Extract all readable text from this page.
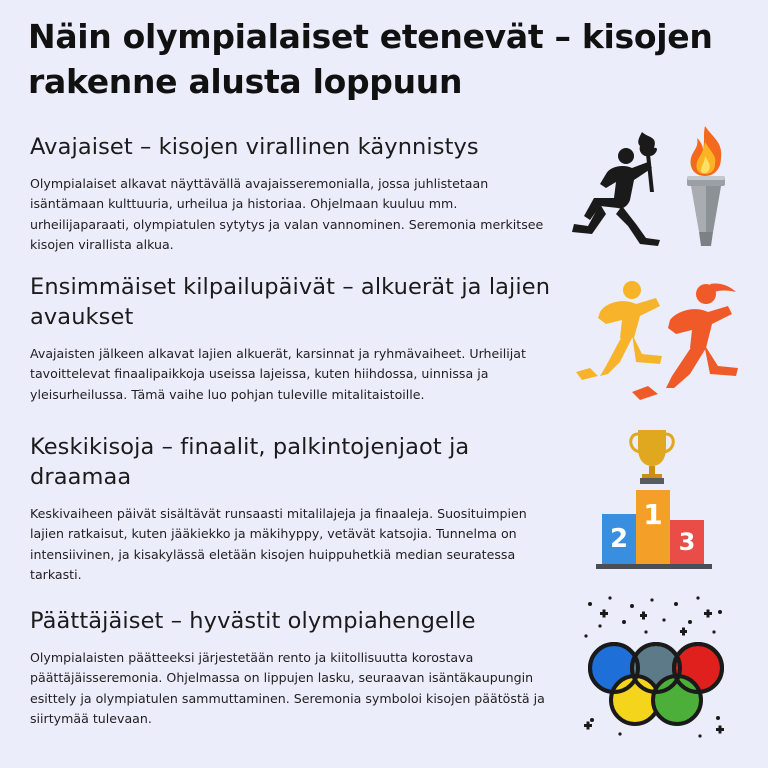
Näin olympialaiset etenevät – kisojen rakenne alusta loppuun
Avajaiset – kisojen virallinen käynnistys

Olympialaiset alkavat näyttävällä avajaisseremonialla, jossa juhlistetaan isäntämaan kulttuuria, urheilua ja historiaa. Ohjelmaan kuuluu mm. urheilijaparaati, olympiatulen sytytys ja valan vannominen. Seremonia merkitsee kisojen virallista alkua.

Ensimmäiset kilpailupäivät – alkuerät ja lajien avaukset

Avajaisten jälkeen alkavat lajien alkuerät, karsinnat ja ryhmävaiheet. Urheilijat tavoittelevat finaalipaikkoja useissa lajeissa, kuten hiihdossa, uinnissa ja yleisurheilussa. Tämä vaihe luo pohjan tuleville mitalitaistoille.

Keskikisoja – finaalit, palkintojenjaot ja draamaa

Keskivaiheen päivät sisältävät runsaasti mitalilajeja ja finaaleja. Suosituimpien lajien ratkaisut, kuten jääkiekko ja mäkihyppy, vetävät katsojia. Tunnelma on intensiivinen, ja kisakylässä eletään kisojen huippuhetkiä median seuratessa tarkasti.

2
1
3
Päättäjäiset – hyvästit olympiahengelle

Olympialaisten päätteeksi järjestetään rento ja kiitollisuutta korostava päättäjäisseremonia. Ohjelmassa on lippujen lasku, seuraavan isäntäkaupungin esittely ja olympiatulen sammuttaminen. Seremonia symboloi kisojen päätöstä ja siirtymää tulevaan.
